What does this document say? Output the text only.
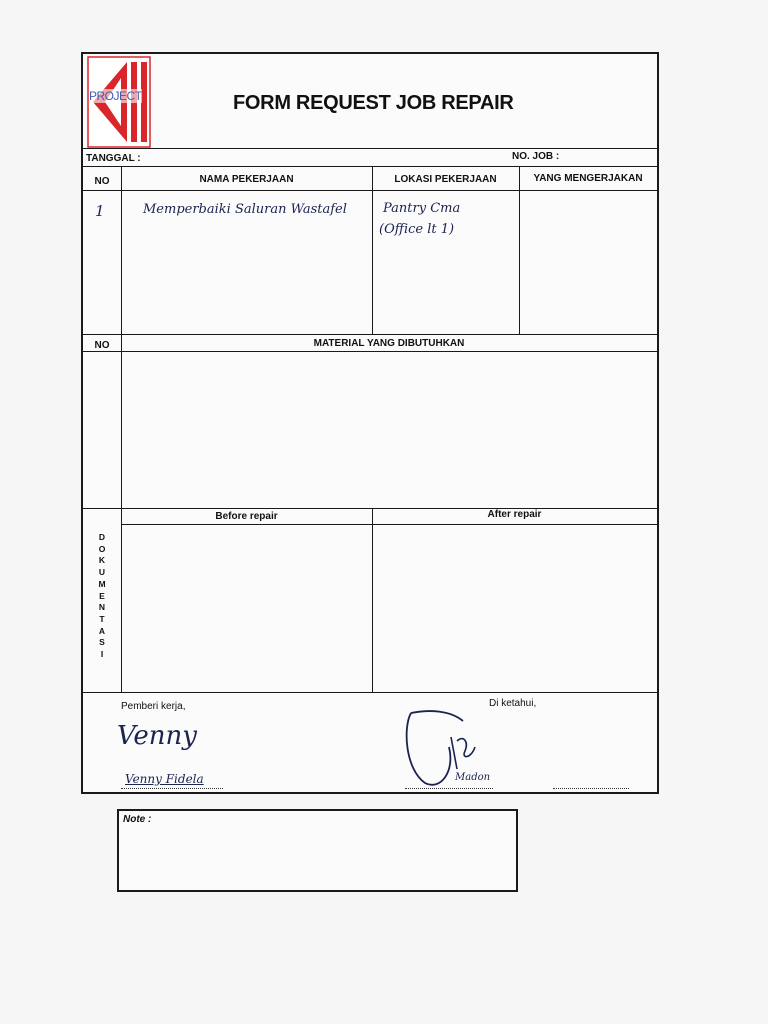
PROJECT	FORM REQUEST JOB REPAIR
TANGGAL :	NO. JOB :
NO	NAMA PEKERJAAN	LOKASI PEKERJAAN	YANG MENGERJAKAN
1	Memperbaiki Saluran Wastafel	Pantry Cma
(Office lt 1)
NO	MATERIAL YANG DIBUTUHKAN
Before repair	After repair
D
O
K
U
M
E
N
T
A
S
I
Pemberi kerja,	Di ketahui,
Venny
Venny Fidela	Madon
Note :
